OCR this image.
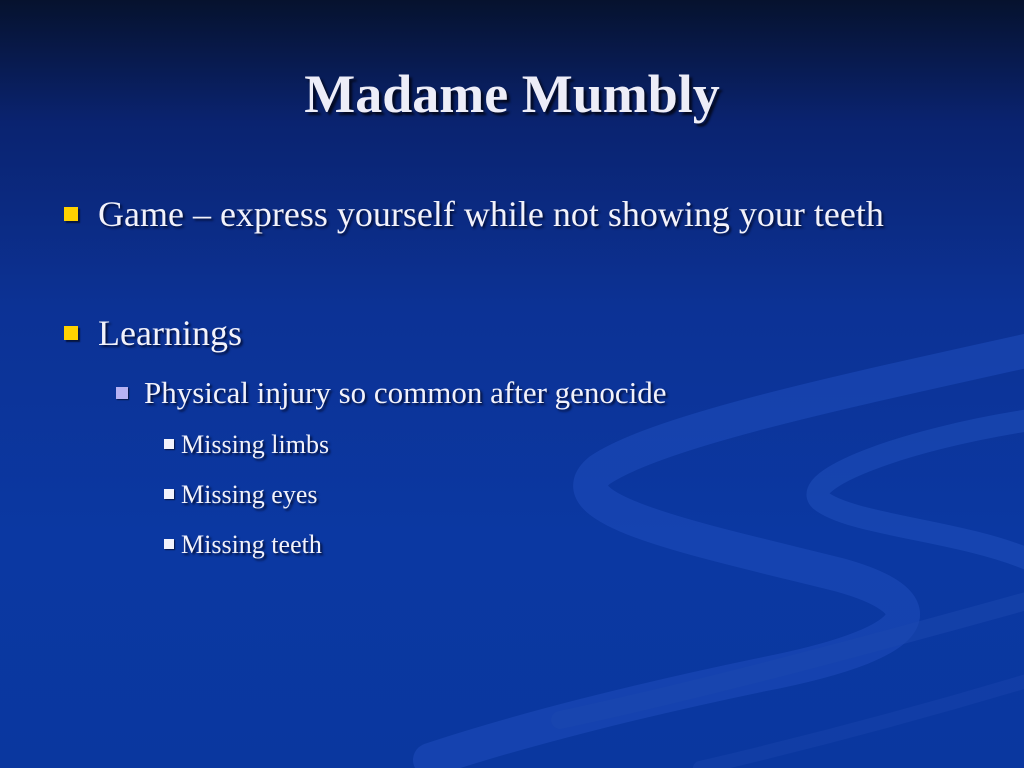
Madame Mumbly
Game – express yourself while not showing your teeth
Learnings
Physical injury so common after genocide
Missing limbs
Missing eyes
Missing teeth
